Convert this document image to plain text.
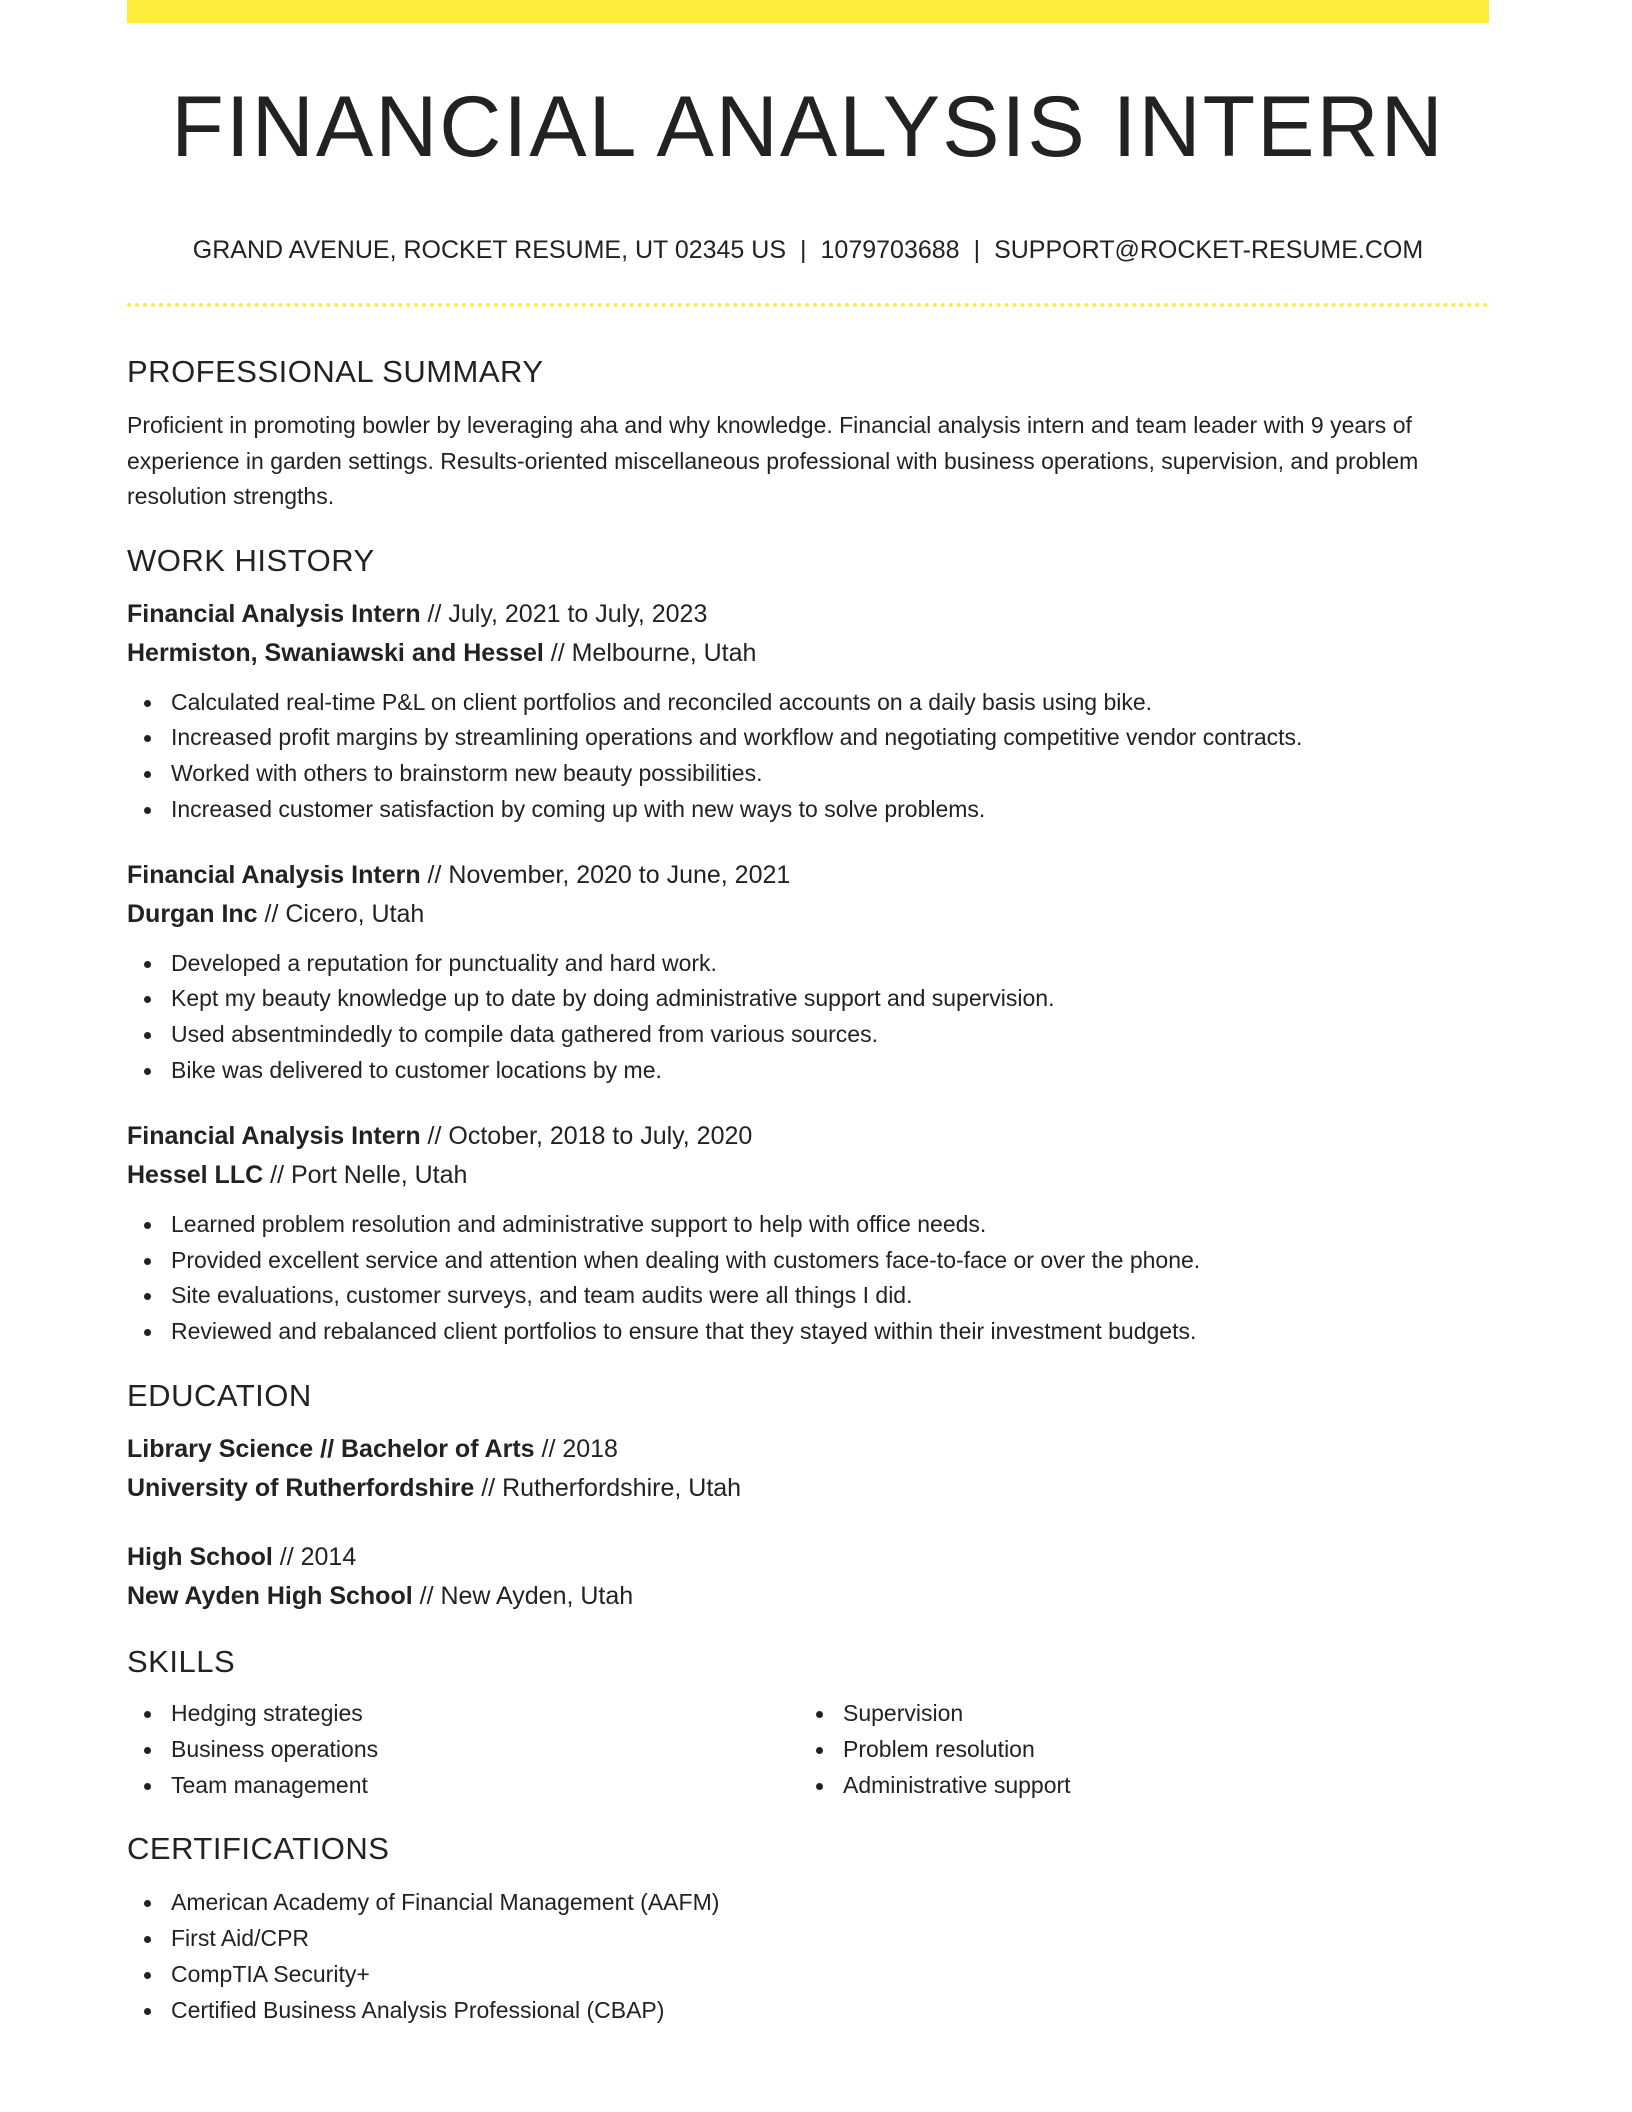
FINANCIAL ANALYSIS INTERN
GRAND AVENUE, ROCKET RESUME, UT 02345 US | 1079703688 | SUPPORT@ROCKET-RESUME.COM
PROFESSIONAL SUMMARY

Proficient in promoting bowler by leveraging aha and why knowledge. Financial analysis intern and team leader with 9 years of experience in garden settings. Results-oriented miscellaneous professional with business operations, supervision, and problem resolution strengths.

WORK HISTORY
Financial Analysis Intern // July, 2021 to July, 2023
Hermiston, Swaniawski and Hessel // Melbourne, Utah
Calculated real-time P&L on client portfolios and reconciled accounts on a daily basis using bike.
Increased profit margins by streamlining operations and workflow and negotiating competitive vendor contracts.
Worked with others to brainstorm new beauty possibilities.
Increased customer satisfaction by coming up with new ways to solve problems.
Financial Analysis Intern // November, 2020 to June, 2021
Durgan Inc // Cicero, Utah
Developed a reputation for punctuality and hard work.
Kept my beauty knowledge up to date by doing administrative support and supervision.
Used absentmindedly to compile data gathered from various sources.
Bike was delivered to customer locations by me.
Financial Analysis Intern // October, 2018 to July, 2020
Hessel LLC // Port Nelle, Utah
Learned problem resolution and administrative support to help with office needs.
Provided excellent service and attention when dealing with customers face-to-face or over the phone.
Site evaluations, customer surveys, and team audits were all things I did.
Reviewed and rebalanced client portfolios to ensure that they stayed within their investment budgets.
EDUCATION
Library Science // Bachelor of Arts // 2018
University of Rutherfordshire // Rutherfordshire, Utah
High School // 2014
New Ayden High School // New Ayden, Utah
SKILLS
Hedging strategies
Business operations
Team management
Supervision
Problem resolution
Administrative support
CERTIFICATIONS
American Academy of Financial Management (AAFM)
First Aid/CPR
CompTIA Security+
Certified Business Analysis Professional (CBAP)
